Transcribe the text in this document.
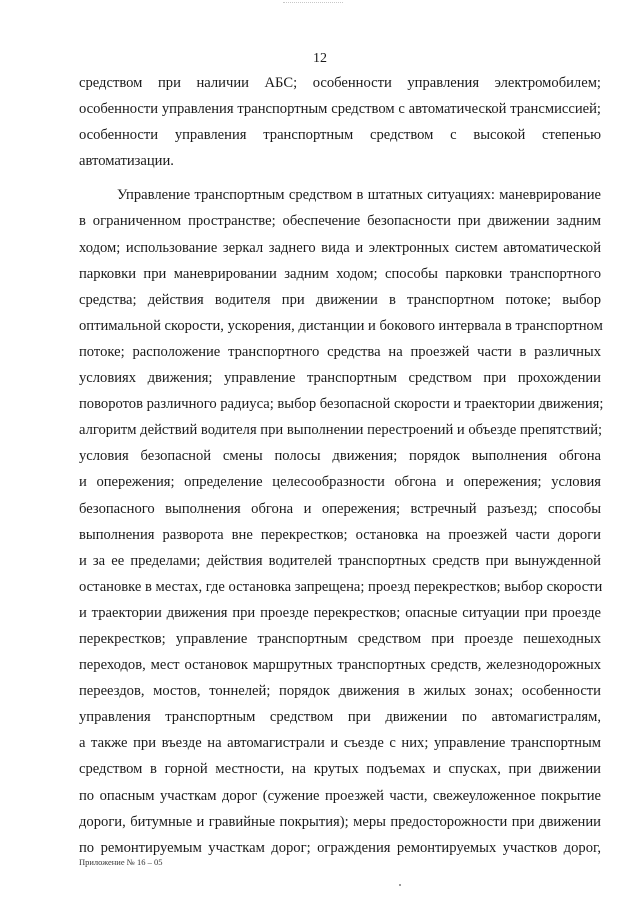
12
средством при наличии АБС; особенности управления электромобилем;
особенности управления транспортным средством с автоматической трансмиссией;
особенности управления транспортным средством с высокой степенью
автоматизации.
Управление транспортным средством в штатных ситуациях: маневрирование
в ограниченном пространстве; обеспечение безопасности при движении задним
ходом; использование зеркал заднего вида и электронных систем автоматической
парковки при маневрировании задним ходом; способы парковки транспортного
средства; действия водителя при движении в транспортном потоке; выбор
оптимальной скорости, ускорения, дистанции и бокового интервала в транспортном
потоке; расположение транспортного средства на проезжей части в различных
условиях движения; управление транспортным средством при прохождении
поворотов различного радиуса; выбор безопасной скорости и траектории движения;
алгоритм действий водителя при выполнении перестроений и объезде препятствий;
условия безопасной смены полосы движения; порядок выполнения обгона
и опережения; определение целесообразности обгона и опережения; условия
безопасного выполнения обгона и опережения; встречный разъезд; способы
выполнения разворота вне перекрестков; остановка на проезжей части дороги
и за ее пределами; действия водителей транспортных средств при вынужденной
остановке в местах, где остановка запрещена; проезд перекрестков; выбор скорости
и траектории движения при проезде перекрестков; опасные ситуации при проезде
перекрестков; управление транспортным средством при проезде пешеходных
переходов, мест остановок маршрутных транспортных средств, железнодорожных
переездов, мостов, тоннелей; порядок движения в жилых зонах; особенности
управления транспортным средством при движении по автомагистралям,
а также при въезде на автомагистрали и съезде с них; управление транспортным
средством в горной местности, на крутых подъемах и спусках, при движении
по опасным участкам дорог (сужение проезжей части, свежеуложенное покрытие
дороги, битумные и гравийные покрытия); меры предосторожности при движении
по ремонтируемым участкам дорог; ограждения ремонтируемых участков дорог,
Приложение № 16 – 05
